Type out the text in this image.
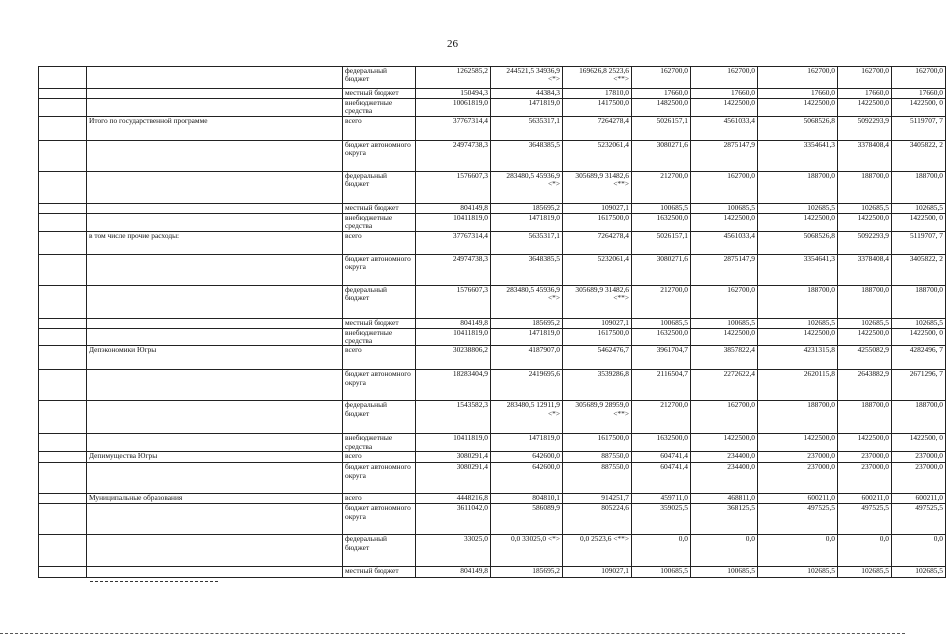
26
		федеральный бюджет	1262585,2	244521,5 34936,9 <*>	169626,8 2523,6 <**>	162700,0	162700,0	162700,0	162700,0	162700,0
		местный бюджет	150494,3	44384,3	17810,0	17660,0	17660,0	17660,0	17660,0	17660,0
		внебюджетные средства	10061819,0	1471819,0	1417500,0	1482500,0	1422500,0	1422500,0	1422500,0	1422500, 0
	Итого по государственной программе	всего	37767314,4	5635317,1	7264278,4	5026157,1	4561033,4	5068526,8	5092293,9	5119707, 7
		бюджет автономного округа	24974738,3	3648385,5	5232061,4	3080271,6	2875147,9	3354641,3	3378408,4	3405822, 2
		федеральный бюджет	1576607,3	283480,5 45936,9 <*>	305689,9 31482,6 <**>	212700,0	162700,0	188700,0	188700,0	188700,0
		местный бюджет	804149,8	185695,2	109027,1	100685,5	100685,5	102685,5	102685,5	102685,5
		внебюджетные средства	10411819,0	1471819,0	1617500,0	1632500,0	1422500,0	1422500,0	1422500,0	1422500, 0
	в том числе прочие расходы:	всего	37767314,4	5635317,1	7264278,4	5026157,1	4561033,4	5068526,8	5092293,9	5119707, 7
		бюджет автономного округа	24974738,3	3648385,5	5232061,4	3080271,6	2875147,9	3354641,3	3378408,4	3405822, 2
		федеральный бюджет	1576607,3	283480,5 45936,9 <*>	305689,9 31482,6 <**>	212700,0	162700,0	188700,0	188700,0	188700,0
		местный бюджет	804149,8	185695,2	109027,1	100685,5	100685,5	102685,5	102685,5	102685,5
		внебюджетные средства	10411819,0	1471819,0	1617500,0	1632500,0	1422500,0	1422500,0	1422500,0	1422500, 0
	Депэкономики Югры	всего	30238806,2	4187907,0	5462476,7	3961704,7	3857822,4	4231315,8	4255082,9	4282496, 7
		бюджет автономного округа	18283404,9	2419695,6	3539286,8	2116504,7	2272622,4	2620115,8	2643882,9	2671296, 7
		федеральный бюджет	1543582,3	283480,5 12911,9 <*>	305689,9 28959,0 <**>	212700,0	162700,0	188700,0	188700,0	188700,0
		внебюджетные средства	10411819,0	1471819,0	1617500,0	1632500,0	1422500,0	1422500,0	1422500,0	1422500, 0
	Депимущества Югры	всего	3080291,4	642600,0	887550,0	604741,4	234400,0	237000,0	237000,0	237000,0
		бюджет автономного округа	3080291,4	642600,0	887550,0	604741,4	234400,0	237000,0	237000,0	237000,0
	Муниципальные образования	всего	4448216,8	804810,1	914251,7	459711,0	468811,0	600211,0	600211,0	600211,0
		бюджет автономного округа	3611042,0	586089,9	805224,6	359025,5	368125,5	497525,5	497525,5	497525,5
		федеральный бюджет	33025,0	0,0 33025,0 <*>	0,0 2523,6 <**>	0,0	0,0	0,0	0,0	0,0
		местный бюджет	804149,8	185695,2	109027,1	100685,5	100685,5	102685,5	102685,5	102685,5
